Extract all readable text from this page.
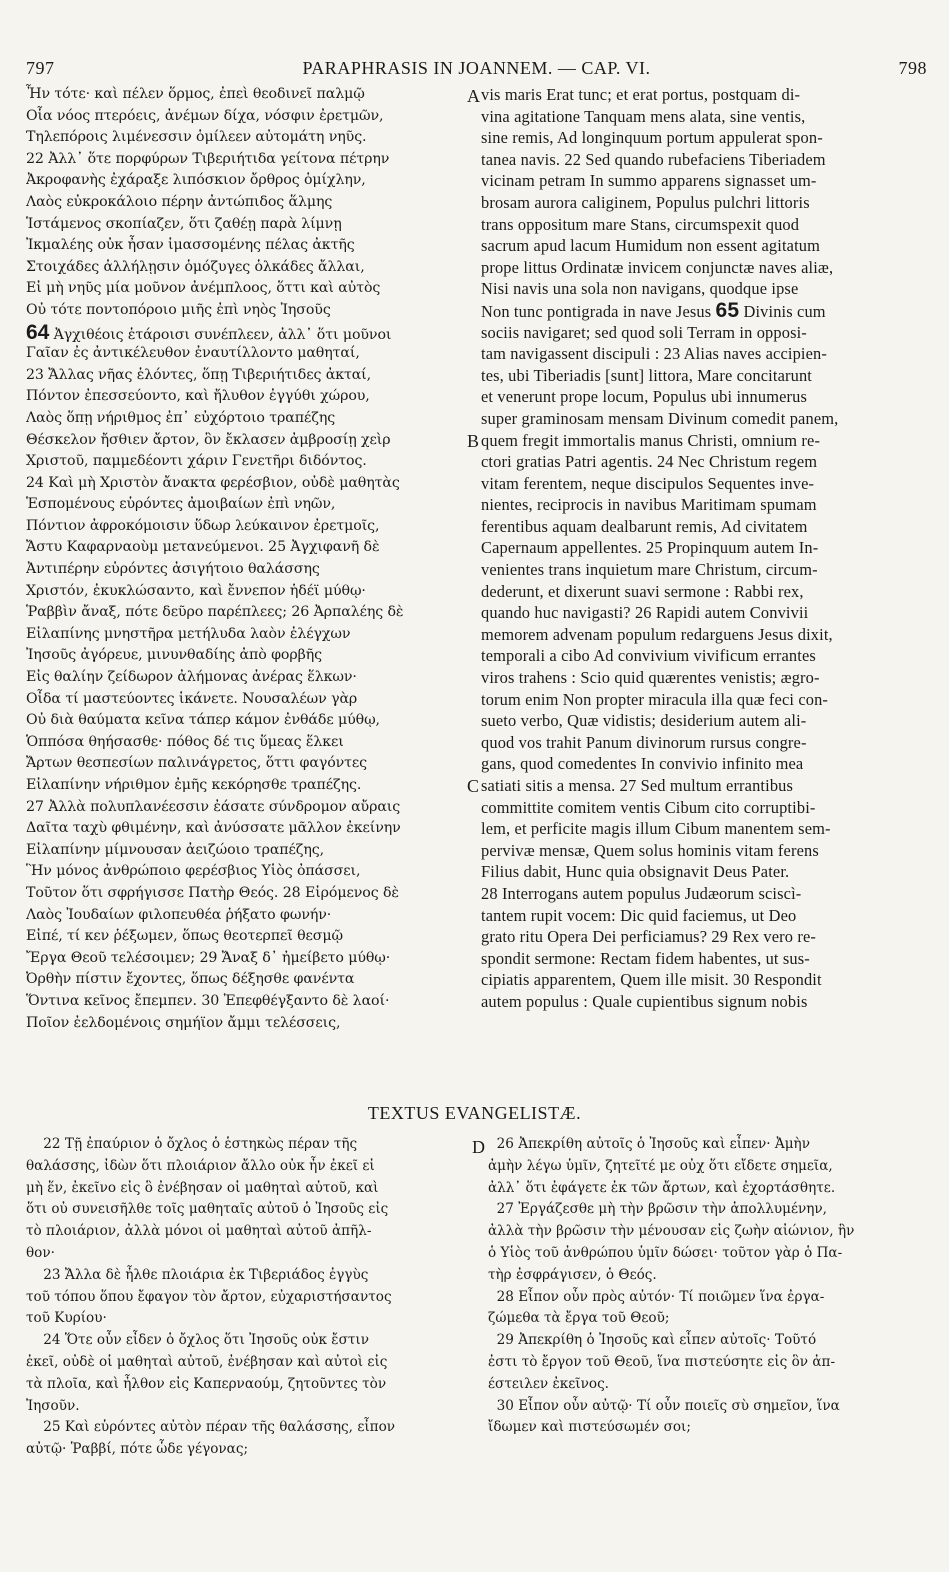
797	PARAPHRASIS IN JOANNEM. — CAP. VI.	798
A
B
C
D
Ἦν τότε· καὶ πέλεν ὅρμος, ἐπεὶ θεοδινεῖ παλμῷ
Οἷα νόος πτερόεις, ἀνέμων δίχα, νόσφιν ἐρετμῶν,
Τηλεπόροις λιμένεσσιν ὁμίλεεν αὐτομάτη νηῦς.
22 Ἀλλ᾽ ὅτε πορφύρων Τιβεριήτιδα γείτονα πέτρην
Ἀκροφανὴς ἐχάραξε λιπόσκιον ὄρθρος ὁμίχλην,
Λαὸς εὐκροκάλοιο πέρην ἀντώπιδος ἅλμης
Ἱστάμενος σκοπίαζεν, ὅτι ζαθέῃ παρὰ λίμνῃ
Ἰκμαλέης οὐκ ἦσαν ἱμασσομένης πέλας ἀκτῆς
Στοιχάδες ἀλλήλῃσιν ὁμόζυγες ὁλκάδες ἄλλαι,
Εἰ μὴ νηῦς μία μοῦνον ἀνέμπλοος, ὅττι καὶ αὐτὸς
Οὐ τότε ποντοπόροιο μιῆς ἐπὶ νηὸς Ἰησοῦς
64 Ἀγχιθέοις ἑτάροισι συνέπλεεν, ἀλλ᾽ ὅτι μοῦνοι
Γαῖαν ἐς ἀντικέλευθον ἐναυτίλλοντο μαθηταί,
23 Ἄλλας νῆας ἑλόντες, ὅπῃ Τιβεριήτιδες ἀκταί,
Πόντον ἐπεσσεύοντο, καὶ ἤλυθον ἐγγύθι χώρου,
Λαὸς ὅπῃ νήριθμος ἐπ᾽ εὐχόρτοιο τραπέζης
Θέσκελον ἤσθιεν ἄρτον, ὃν ἔκλασεν ἀμβροσίῃ χεὶρ
Χριστοῦ, παμμεδέοντι χάριν Γενετῆρι διδόντος.
24 Καὶ μὴ Χριστὸν ἄνακτα φερέσβιον, οὐδὲ μαθητὰς
Ἑσπομένους εὑρόντες ἀμοιβαίων ἐπὶ νηῶν,
Πόντιον ἀφροκόμοισιν ὕδωρ λεύκαινον ἐρετμοῖς,
Ἄστυ Καφαρναοὺμ μετανεύμενοι. 25 Ἀγχιφανῆ δὲ
Ἀντιπέρην εὑρόντες ἀσιγήτοιο θαλάσσης
Χριστόν, ἐκυκλώσαντο, καὶ ἔννεπον ἡδέϊ μύθῳ·
Ῥαββὶν ἄναξ, πότε δεῦρο παρέπλεες; 26 Ἀρπαλέης δὲ
Εἰλαπίνης μνηστῆρα μετήλυδα λαὸν ἐλέγχων
Ἰησοῦς ἀγόρευε, μινυνθαδίης ἀπὸ φορβῆς
Εἰς θαλίην ζείδωρον ἀλήμονας ἀνέρας ἕλκων·
Οἶδα τί μαστεύοντες ἱκάνετε. Νουσαλέων γὰρ
Οὐ διὰ θαύματα κεῖνα τάπερ κάμον ἐνθάδε μύθῳ,
Ὁππόσα θηήσασθε· πόθος δέ τις ὕμεας ἕλκει
Ἄρτων θεσπεσίων παλινάγρετος, ὅττι φαγόντες
Εἰλαπίνην νήριθμον ἐμῆς κεκόρησθε τραπέζης.
27 Ἀλλὰ πολυπλανέεσσιν ἐάσατε σύνδρομον αὔραις
Δαῖτα ταχὺ φθιμένην, καὶ ἀνύσσατε μᾶλλον ἐκείνην
Εἰλαπίνην μίμνουσαν ἀειζώοιο τραπέζης,
Ἣν μόνος ἀνθρώποιο φερέσβιος Υἱὸς ὀπάσσει,
Τοῦτον ὅτι σφρήγισσε Πατὴρ Θεός. 28 Εἰρόμενος δὲ
Λαὸς Ἰουδαίων φιλοπευθέα ῥήξατο φωνήν·
Εἰπέ, τί κεν ῥέξωμεν, ὅπως θεοτερπεῖ θεσμῷ
Ἔργα Θεοῦ τελέσοιμεν; 29 Ἄναξ δ᾽ ἠμείβετο μύθῳ·
Ὀρθὴν πίστιν ἔχοντες, ὅπως δέξησθε φανέντα
Ὅντινα κεῖνος ἔπεμπεν. 30 Ἐπεφθέγξαντο δὲ λαοί·
Ποῖον ἐελδομένοις σημήϊον ἄμμι τελέσσεις,
vis maris Erat tunc; et erat portus, postquam di-
vina agitatione Tanquam mens alata, sine ventis,
sine remis, Ad longinquum portum appulerat spon-
tanea navis. 22 Sed quando rubefaciens Tiberiadem
vicinam petram In summo apparens signasset um-
brosam aurora caliginem, Populus pulchri littoris
trans oppositum mare Stans, circumspexit quod
sacrum apud lacum Humidum non essent agitatum
prope littus Ordinatæ invicem conjunctæ naves aliæ,
Nisi navis una sola non navigans, quodque ipse
Non tunc pontigrada in nave Jesus 65 Divinis cum
sociis navigaret; sed quod soli Terram in opposi-
tam navigassent discipuli : 23 Alias naves accipien-
tes, ubi Tiberiadis [sunt] littora, Mare concitarunt
et venerunt prope locum, Populus ubi innumerus
super graminosam mensam Divinum comedit panem,
quem fregit immortalis manus Christi, omnium re-
ctori gratias Patri agentis. 24 Nec Christum regem
vitam ferentem, neque discipulos Sequentes inve-
nientes, reciprocis in navibus Maritimam spumam
ferentibus aquam dealbarunt remis, Ad civitatem
Capernaum appellentes. 25 Propinquum autem In-
venientes trans inquietum mare Christum, circum-
dederunt, et dixerunt suavi sermone : Rabbi rex,
quando huc navigasti? 26 Rapidi autem Convivii
memorem advenam populum redarguens Jesus dixit,
temporali a cibo Ad convivium vivificum errantes
viros trahens : Scio quid quærentes venistis; ægro-
torum enim Non propter miracula illa quæ feci con-
sueto verbo, Quæ vidistis; desiderium autem ali-
quod vos trahit Panum divinorum rursus congre-
gans, quod comedentes In convivio infinito mea
satiati sitis a mensa. 27 Sed multum errantibus
committite comitem ventis Cibum cito corruptibi-
lem, et perficite magis illum Cibum manentem sem-
pervivæ mensæ, Quem solus hominis vitam ferens
Filius dabit, Hunc quia obsignavit Deus Pater.
28 Interrogans autem populus Judæorum sciscì-
tantem rupit vocem: Dic quid faciemus, ut Deo
grato ritu Opera Dei perficiamus? 29 Rex vero re-
spondit sermone: Rectam fidem habentes, ut sus-
cipiatis apparentem, Quem ille misit. 30 Respondit
autem populus : Quale cupientibus signum nobis
TEXTUS EVANGELISTÆ.
22 Τῇ ἐπαύριον ὁ ὄχλος ὁ ἑστηκὼς πέραν τῆς
θαλάσσης, ἰδὼν ὅτι πλοιάριον ἄλλο οὐκ ἦν ἐκεῖ εἰ
μὴ ἕν, ἐκεῖνο εἰς ὃ ἐνέβησαν οἱ μαθηταὶ αὐτοῦ, καὶ
ὅτι οὐ συνεισῆλθε τοῖς μαθηταῖς αὐτοῦ ὁ Ἰησοῦς εἰς
τὸ πλοιάριον, ἀλλὰ μόνοι οἱ μαθηταὶ αὐτοῦ ἀπῆλ-
θον·
23 Ἄλλα δὲ ἦλθε πλοιάρια ἐκ Τιβεριάδος ἐγγὺς
τοῦ τόπου ὅπου ἔφαγον τὸν ἄρτον, εὐχαριστήσαντος
τοῦ Κυρίου·
24 Ὅτε οὖν εἶδεν ὁ ὄχλος ὅτι Ἰησοῦς οὐκ ἔστιν
ἐκεῖ, οὐδὲ οἱ μαθηταὶ αὐτοῦ, ἐνέβησαν καὶ αὐτοὶ εἰς
τὰ πλοῖα, καὶ ἦλθον εἰς Καπερναούμ, ζητοῦντες τὸν
Ἰησοῦν.
25 Καὶ εὑρόντες αὐτὸν πέραν τῆς θαλάσσης, εἶπον
αὐτῷ· Ῥαββί, πότε ὧδε γέγονας;
26 Ἀπεκρίθη αὐτοῖς ὁ Ἰησοῦς καὶ εἶπεν· Ἀμὴν
ἀμὴν λέγω ὑμῖν, ζητεῖτέ με οὐχ ὅτι εἴδετε σημεῖα,
ἀλλ᾽ ὅτι ἐφάγετε ἐκ τῶν ἄρτων, καὶ ἐχορτάσθητε.
27 Ἐργάζεσθε μὴ τὴν βρῶσιν τὴν ἀπολλυμένην,
ἀλλὰ τὴν βρῶσιν τὴν μένουσαν εἰς ζωὴν αἰώνιον, ἣν
ὁ Υἱὸς τοῦ ἀνθρώπου ὑμῖν δώσει· τοῦτον γὰρ ὁ Πα-
τὴρ ἐσφράγισεν, ὁ Θεός.
28 Εἶπον οὖν πρὸς αὐτόν· Τί ποιῶμεν ἵνα ἐργα-
ζώμεθα τὰ ἔργα τοῦ Θεοῦ;
29 Ἀπεκρίθη ὁ Ἰησοῦς καὶ εἶπεν αὐτοῖς· Τοῦτό
ἐστι τὸ ἔργον τοῦ Θεοῦ, ἵνα πιστεύσητε εἰς ὃν ἀπ-
έστειλεν ἐκεῖνος.
30 Εἶπον οὖν αὐτῷ· Τί οὖν ποιεῖς σὺ σημεῖον, ἵνα
ἴδωμεν καὶ πιστεύσωμέν σοι;
